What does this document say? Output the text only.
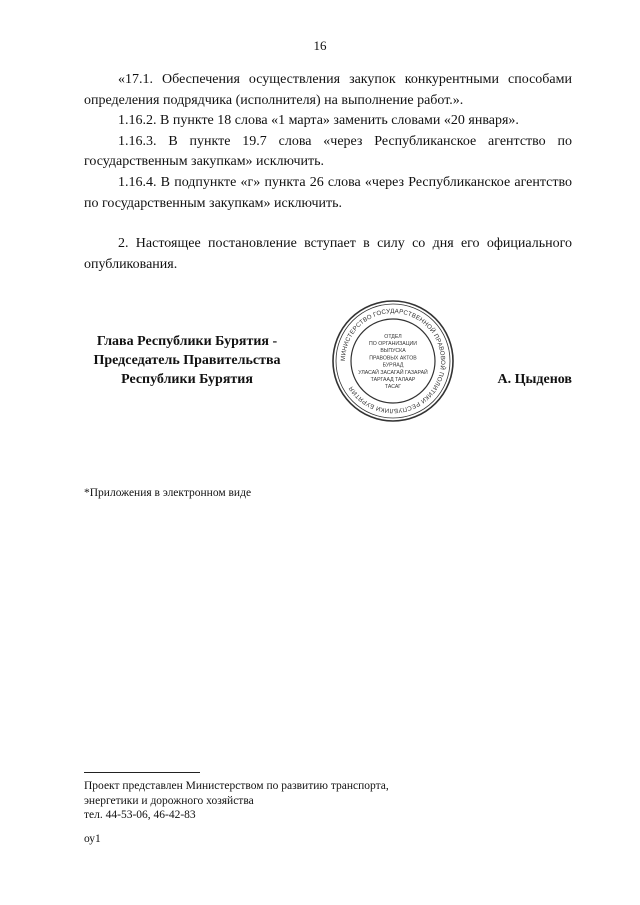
16

«17.1. Обеспечения осуществления закупок конкурентными способами определения подрядчика (исполнителя) на выполнение работ.».

1.16.2. В пункте 18 слова «1 марта» заменить словами «20 января».

1.16.3. В пункте 19.7 слова «через Республиканское агентство по государственным закупкам» исключить.

1.16.4. В подпункте «г» пункта 26 слова «через Республиканское агентство по государственным закупкам» исключить.

2. Настоящее постановление вступает в силу со дня его официального опубликования.

Глава Республики Бурятия -
Председатель Правительства
Республики Бурятия
МИНИСТЕРСТВО ГОСУДАРСТВЕННОЙ ПРАВОВОЙ ПОЛИТИКИ РЕСПУБЛИКИ БУРЯТИЯ
ОТДЕЛ
ПО ОРГАНИЗАЦИИ
ВЫПУСКА
ПРАВОВЫХ АКТОВ
БУРЯАД
УЛАСАЙ ЗАСАГАЙ ГАЗАРАЙ
ТАРГААД ТАЛААР
ТАСАГ
А. Цыденов
*Приложения в электронном виде
Проект представлен Министерством по развитию транспорта,
энергетики и дорожного хозяйства
тел. 44-53-06, 46-42-83
оу1
